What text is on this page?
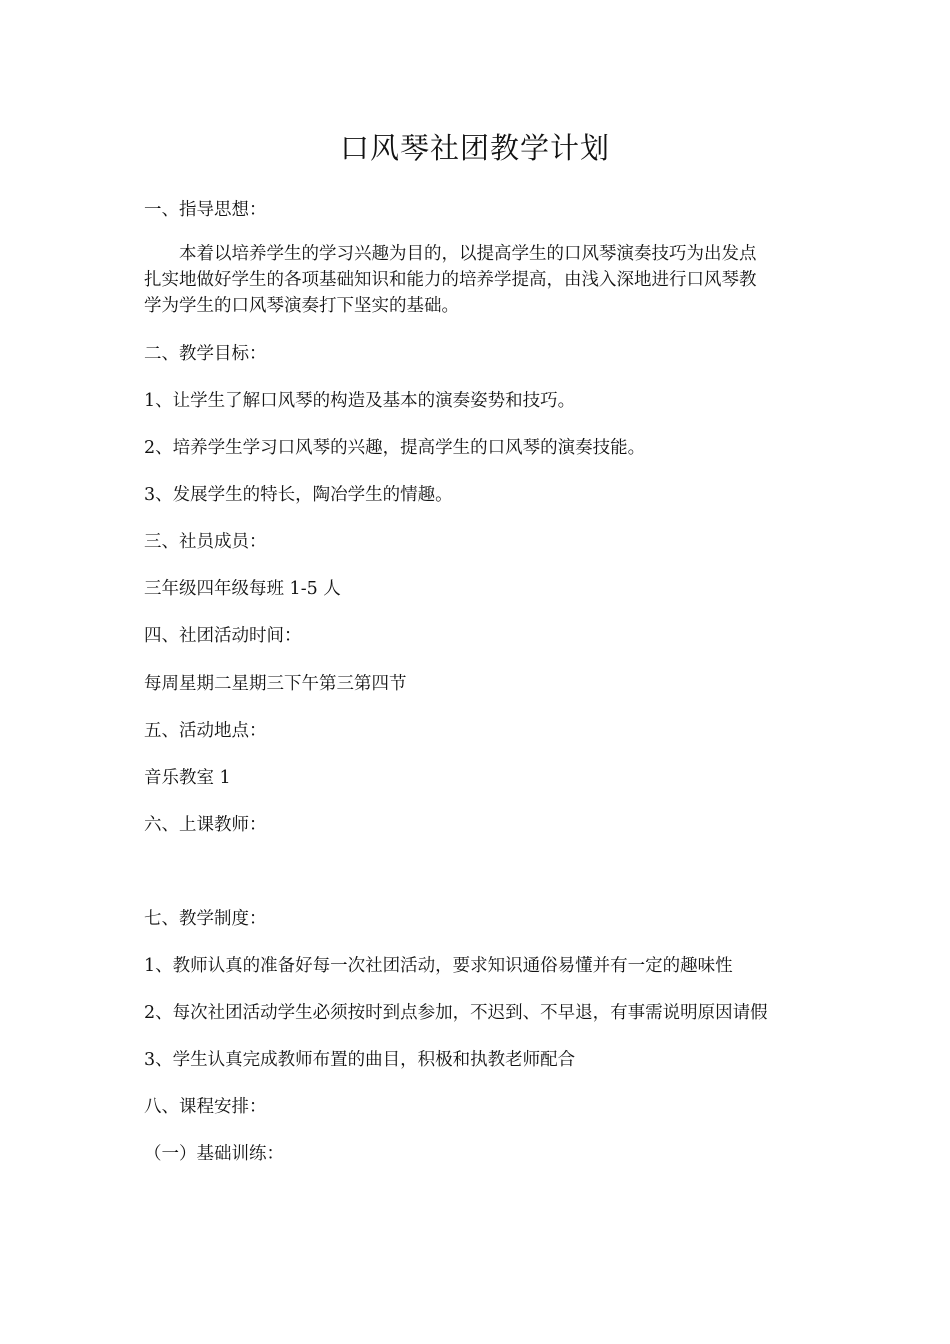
口风琴社团教学计划
一、指导思想：
本着以培养学生的学习兴趣为目的，以提高学生的口风琴演奏技巧为出发点
扎实地做好学生的各项基础知识和能力的培养学提高，由浅入深地进行口风琴教
学为学生的口风琴演奏打下坚实的基础。
二、教学目标：
1、让学生了解口风琴的构造及基本的演奏姿势和技巧。
2、培养学生学习口风琴的兴趣，提高学生的口风琴的演奏技能。
3、发展学生的特长，陶冶学生的情趣。
三、社员成员：
三年级四年级每班 1-5 人
四、社团活动时间：
每周星期二星期三下午第三第四节
五、活动地点：
音乐教室 1
六、上课教师：
七、教学制度：
1、教师认真的准备好每一次社团活动，要求知识通俗易懂并有一定的趣味性
2、每次社团活动学生必须按时到点参加，不迟到、不早退，有事需说明原因请假
3、学生认真完成教师布置的曲目，积极和执教老师配合
八、课程安排：
（一）基础训练：
